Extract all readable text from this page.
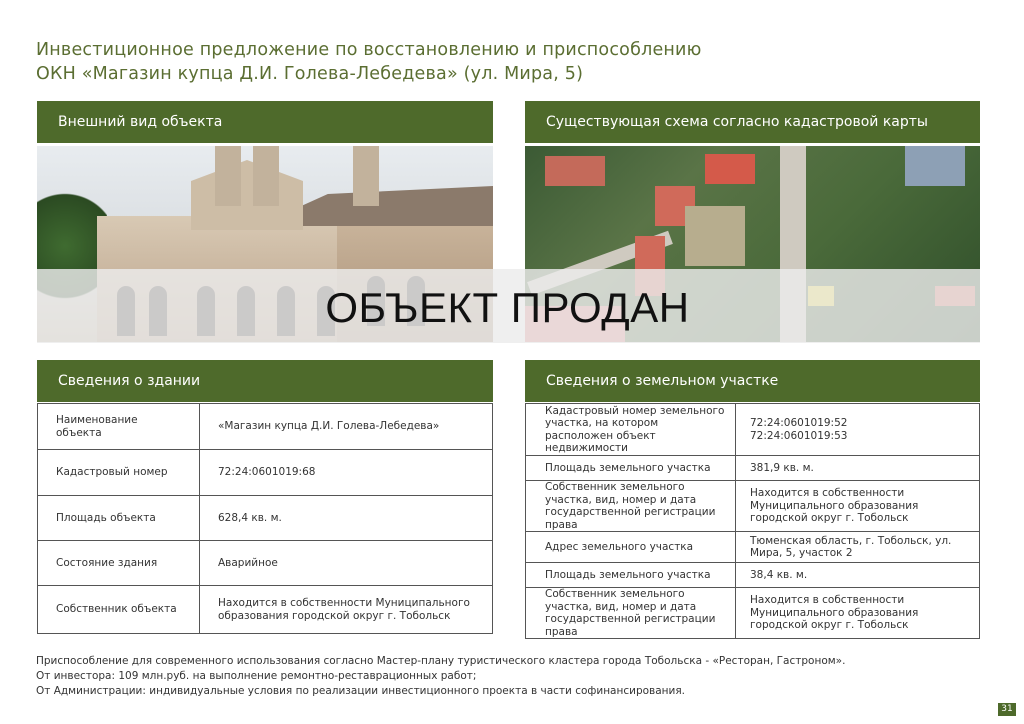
Инвестиционное предложение по восстановлению и приспособлению
ОКН «Магазин купца Д.И. Голева-Лебедева» (ул. Мира, 5)
Внешний вид объекта	Существующая схема согласно кадастровой карты
ОБЪЕКТ ПРОДАН
Сведения о здании
Наименование объекта	«Магазин купца Д.И. Голева-Лебедева»
Кадастровый номер	72:24:0601019:68
Площадь объекта	628,4 кв. м.
Состояние здания	Аварийное
Собственник объекта	Находится в собственности Муниципального образования городской округ г. Тобольск
Сведения о земельном участке
Кадастровый номер земельного участка, на котором расположен объект недвижимости	72:24:0601019:52
72:24:0601019:53
Площадь земельного участка	381,9 кв. м.
Собственник земельного участка, вид, номер и дата государственной регистрации права	Находится в собственности Муниципального образования городской округ г. Тобольск
Адрес земельного участка	Тюменская область, г. Тобольск, ул. Мира, 5, участок 2
Площадь земельного участка	38,4 кв. м.
Собственник земельного участка, вид, номер и дата государственной регистрации права	Находится в собственности Муниципального образования городской округ г. Тобольск
Приспособление для современного использования согласно Мастер-плану туристического кластера города Тобольска - «Ресторан, Гастроном».
От инвестора: 109 млн.руб. на выполнение ремонтно-реставрационных работ;
От Администрации: индивидуальные условия по реализации инвестиционного проекта в части софинансирования.
31
